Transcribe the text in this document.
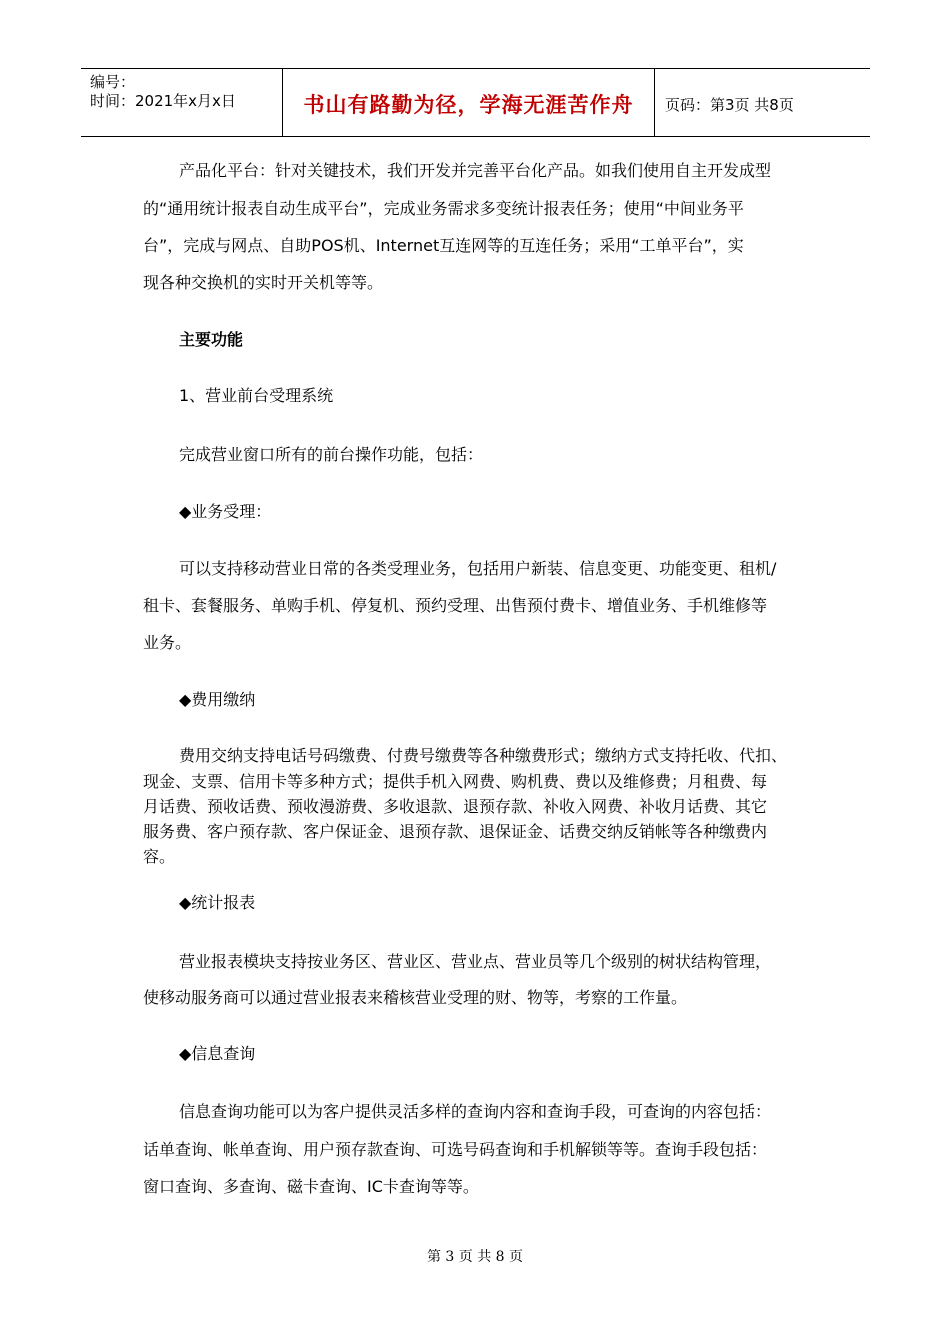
编号：
时间：2021年x月x日	书山有路勤为径，学海无涯苦作舟	页码：第3页 共8页
产品化平台：针对关键技术，我们开发并完善平台化产品。如我们使用自主开发成型
的“通用统计报表自动生成平台”，完成业务需求多变统计报表任务；使用“中间业务平
台”，完成与网点、自助POS机、Internet互连网等的互连任务；采用“工单平台”，实
现各种交换机的实时开关机等等。
主要功能
1、营业前台受理系统
完成营业窗口所有的前台操作功能，包括：
◆业务受理：
可以支持移动营业日常的各类受理业务，包括用户新装、信息变更、功能变更、租机/
租卡、套餐服务、单购手机、停复机、预约受理、出售预付费卡、增值业务、手机维修等
业务。
◆费用缴纳
费用交纳支持电话号码缴费、付费号缴费等各种缴费形式；缴纳方式支持托收、代扣、
现金、支票、信用卡等多种方式；提供手机入网费、购机费、费以及维修费；月租费、每
月话费、预收话费、预收漫游费、多收退款、退预存款、补收入网费、补收月话费、其它
服务费、客户预存款、客户保证金、退预存款、退保证金、话费交纳反销帐等各种缴费内
容。
◆统计报表
营业报表模块支持按业务区、营业区、营业点、营业员等几个级别的树状结构管理，
使移动服务商可以通过营业报表来稽核营业受理的财、物等，考察的工作量。
◆信息查询
信息查询功能可以为客户提供灵活多样的查询内容和查询手段，可查询的内容包括：
话单查询、帐单查询、用户预存款查询、可选号码查询和手机解锁等等。查询手段包括：
窗口查询、多查询、磁卡查询、IC卡查询等等。
第 3 页 共 8 页
